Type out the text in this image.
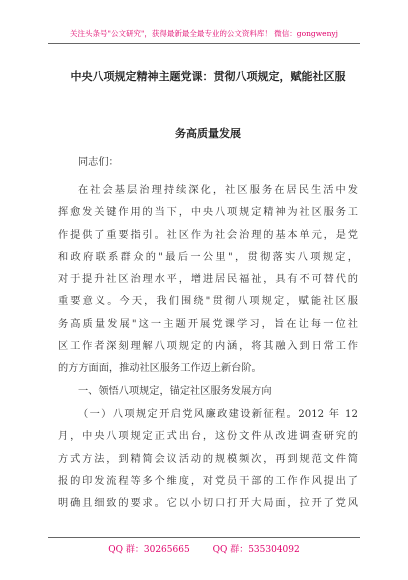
关注头条号"公文研究"，获得最新最全最专业的公文资料库！ 微信：gongwenyj
中央八项规定精神主题党课：贯彻八项规定，赋能社区服
务高质量发展
同志们：
在社会基层治理持续深化，社区服务在居民生活中发
挥愈发关键作用的当下，中央八项规定精神为社区服务工
作提供了重要指引。社区作为社会治理的基本单元，是党
和政府联系群众的"最后一公里"，贯彻落实八项规定，
对于提升社区治理水平，增进居民福祉，具有不可替代的
重要意义。今天，我们围绕"贯彻八项规定，赋能社区服
务高质量发展"这一主题开展党课学习，旨在让每一位社
区工作者深刻理解八项规定的内涵，将其融入到日常工作
的方方面面，推动社区服务工作迈上新台阶。
一、领悟八项规定，锚定社区服务发展方向
（一）八项规定开启党风廉政建设新征程。2012 年 12
月，中央八项规定正式出台，这份文件从改进调查研究的
方式方法，到精简会议活动的规模频次，再到规范文件简
报的印发流程等多个维度，对党员干部的工作作风提出了
明确且细致的要求。它以小切口打开大局面，拉开了党风
QQ 群：30265665        QQ 群：535304092
